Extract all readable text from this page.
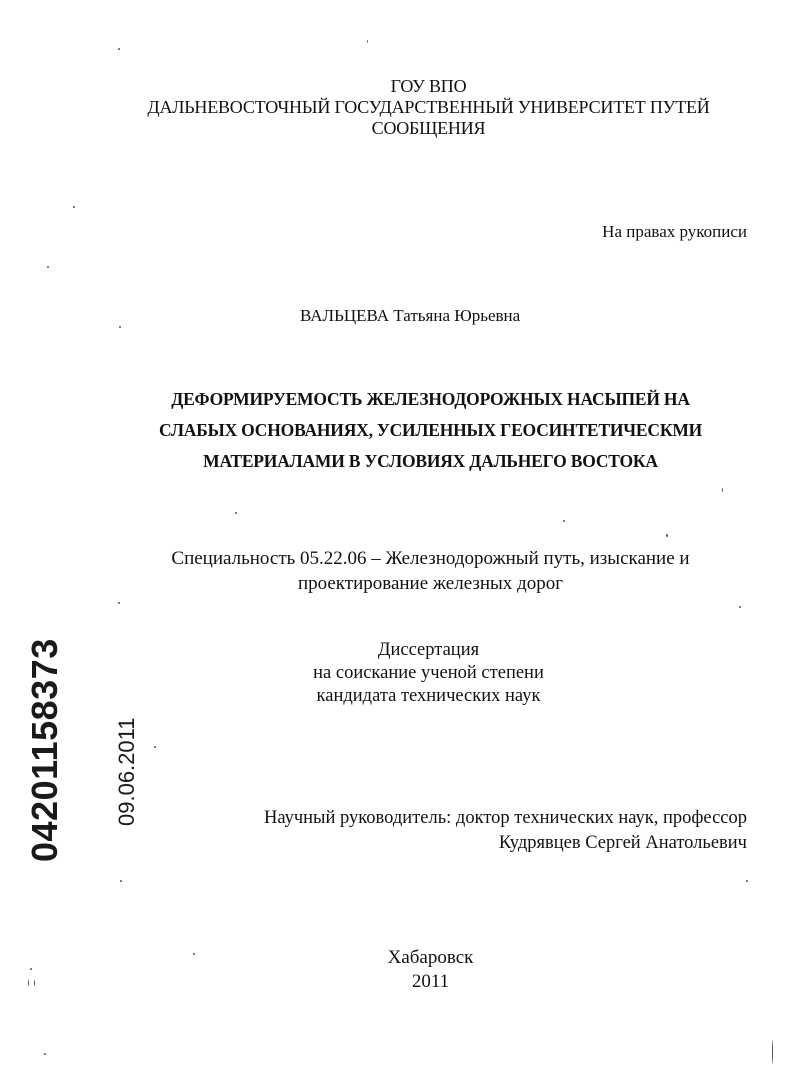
ГОУ ВПО
ДАЛЬНЕВОСТОЧНЫЙ ГОСУДАРСТВЕННЫЙ УНИВЕРСИТЕТ ПУТЕЙ
СООБЩЕНИЯ
На правах рукописи
ВАЛЬЦЕВА Татьяна Юрьевна
ДЕФОРМИРУЕМОСТЬ ЖЕЛЕЗНОДОРОЖНЫХ НАСЫПЕЙ НА
СЛАБЫХ ОСНОВАНИЯХ, УСИЛЕННЫХ ГЕОСИНТЕТИЧЕСКМИ
МАТЕРИАЛАМИ В УСЛОВИЯХ ДАЛЬНЕГО ВОСТОКА
Специальность 05.22.06 – Железнодорожный путь, изыскание и
проектирование железных дорог
Диссертация
на соискание ученой степени
кандидата технических наук
Научный руководитель: доктор технических наук, профессор
Кудрявцев Сергей Анатольевич
Хабаровск
2011
04201158373 09.06.2011
